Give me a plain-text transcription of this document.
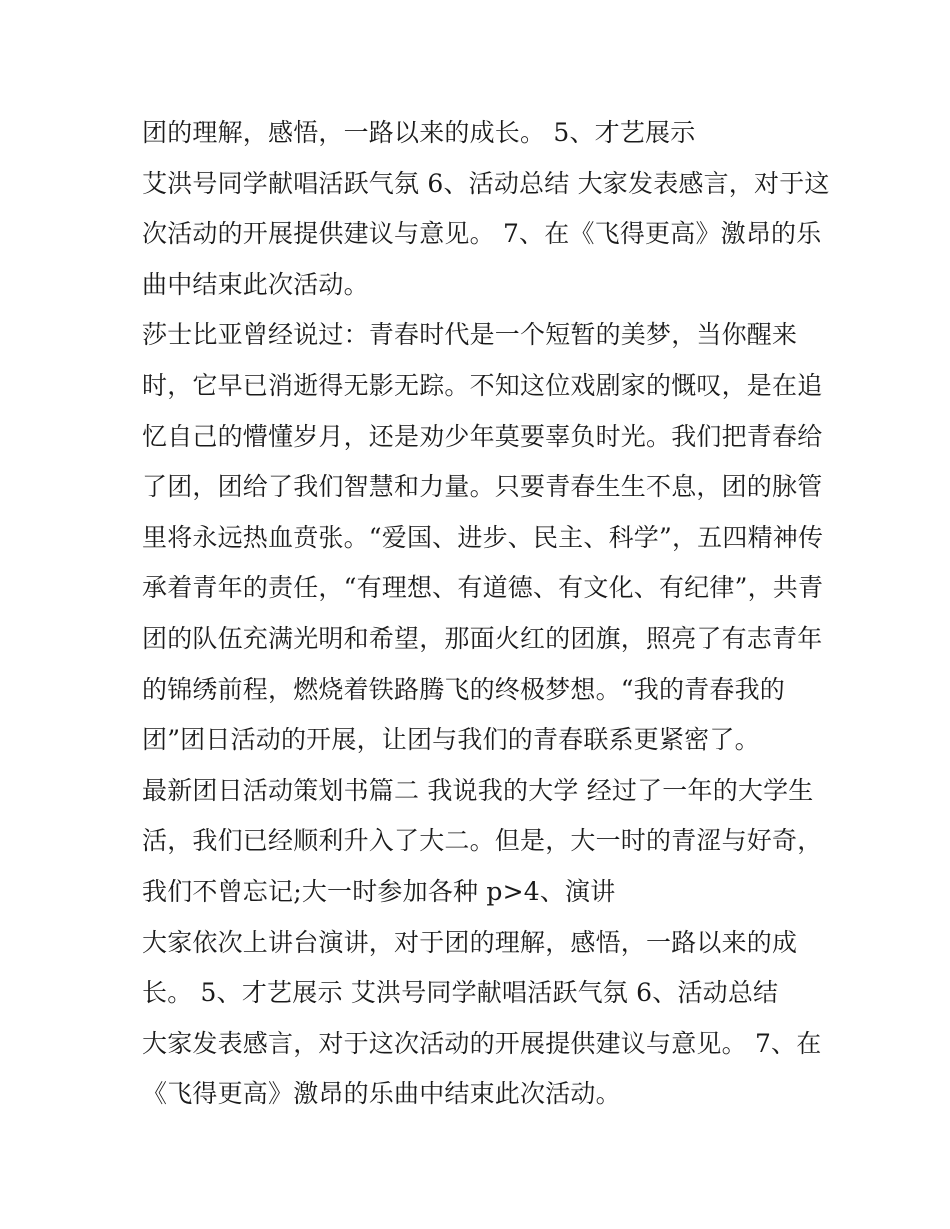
团的理解，感悟，一路以来的成长。 5、才艺展示
艾洪号同学献唱活跃气氛 6、活动总结 大家发表感言，对于这
次活动的开展提供建议与意见。 7、在《飞得更高》激昂的乐
曲中结束此次活动。
莎士比亚曾经说过：青春时代是一个短暂的美梦，当你醒来
时，它早已消逝得无影无踪。不知这位戏剧家的慨叹，是在追
忆自己的懵懂岁月，还是劝少年莫要辜负时光。我们把青春给
了团，团给了我们智慧和力量。只要青春生生不息，团的脉管
里将永远热血贲张。“爱国、进步、民主、科学”，五四精神传
承着青年的责任，“有理想、有道德、有文化、有纪律”，共青
团的队伍充满光明和希望，那面火红的团旗，照亮了有志青年
的锦绣前程，燃烧着铁路腾飞的终极梦想。“我的青春我的
团”团日活动的开展，让团与我们的青春联系更紧密了。
最新团日活动策划书篇二 我说我的大学 经过了一年的大学生
活，我们已经顺利升入了大二。但是，大一时的青涩与好奇，
我们不曾忘记;大一时参加各种 p>4、演讲
大家依次上讲台演讲，对于团的理解，感悟，一路以来的成
长。 5、才艺展示 艾洪号同学献唱活跃气氛 6、活动总结
大家发表感言，对于这次活动的开展提供建议与意见。 7、在
《飞得更高》激昂的乐曲中结束此次活动。
